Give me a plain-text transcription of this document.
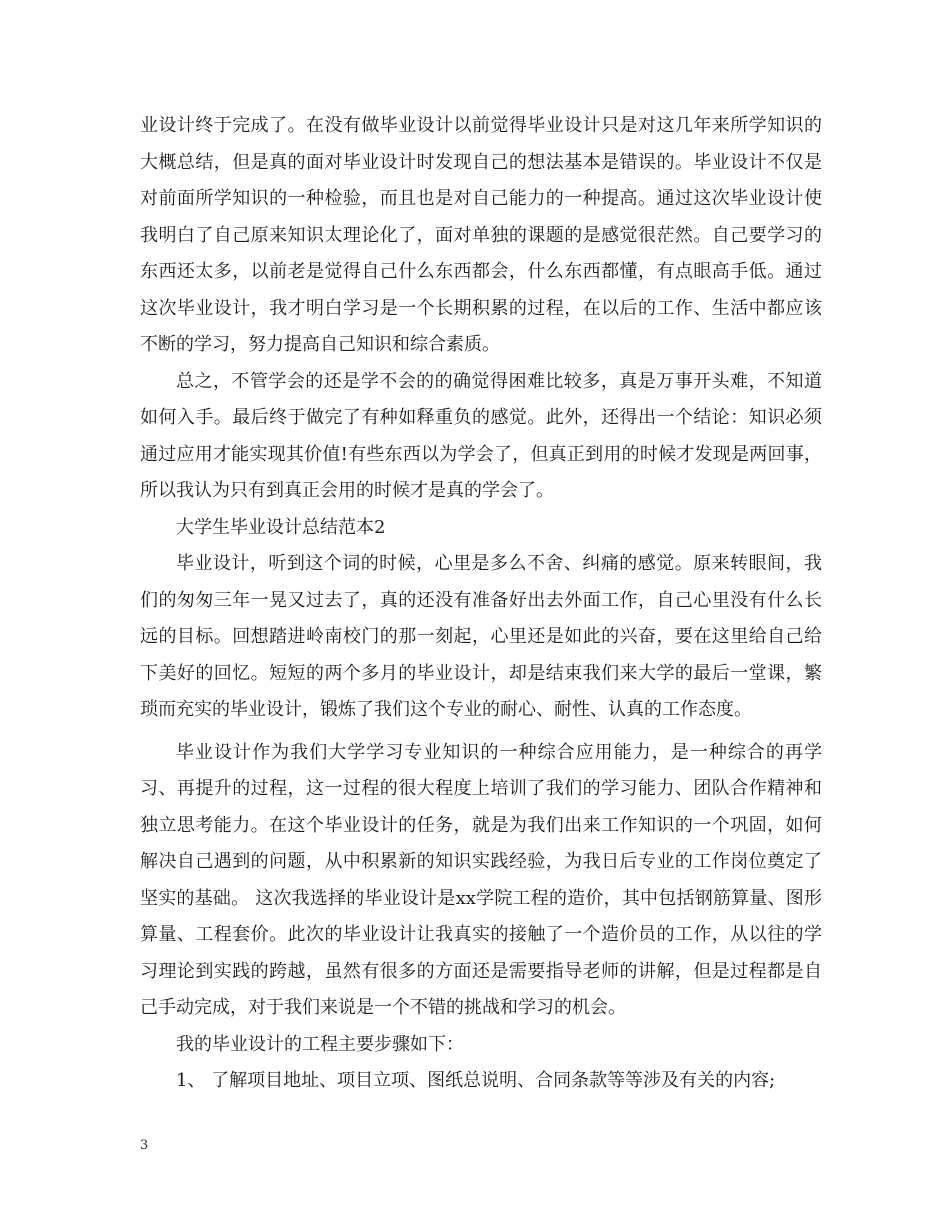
业设计终于完成了。在没有做毕业设计以前觉得毕业设计只是对这几年来所学知识的大概总结，但是真的面对毕业设计时发现自己的想法基本是错误的。毕业设计不仅是对前面所学知识的一种检验，而且也是对自己能力的一种提高。通过这次毕业设计使我明白了自己原来知识太理论化了，面对单独的课题的是感觉很茫然。自己要学习的东西还太多，以前老是觉得自己什么东西都会，什么东西都懂，有点眼高手低。通过这次毕业设计，我才明白学习是一个长期积累的过程，在以后的工作、生活中都应该不断的学习，努力提高自己知识和综合素质。

总之，不管学会的还是学不会的的确觉得困难比较多，真是万事开头难，不知道如何入手。最后终于做完了有种如释重负的感觉。此外，还得出一个结论：知识必须通过应用才能实现其价值!有些东西以为学会了，但真正到用的时候才发现是两回事，所以我认为只有到真正会用的时候才是真的学会了。

大学生毕业设计总结范本2

毕业设计，听到这个词的时候，心里是多么不舍、纠痛的感觉。原来转眼间，我们的匆匆三年一晃又过去了，真的还没有准备好出去外面工作，自己心里没有什么长远的目标。回想踏进岭南校门的那一刻起，心里还是如此的兴奋，要在这里给自己给下美好的回忆。短短的两个多月的毕业设计，却是结束我们来大学的最后一堂课，繁琐而充实的毕业设计，锻炼了我们这个专业的耐心、耐性、认真的工作态度。

毕业设计作为我们大学学习专业知识的一种综合应用能力，是一种综合的再学习、再提升的过程，这一过程的很大程度上培训了我们的学习能力、团队合作精神和独立思考能力。在这个毕业设计的任务，就是为我们出来工作知识的一个巩固，如何解决自己遇到的问题，从中积累新的知识实践经验，为我日后专业的工作岗位奠定了坚实的基础。 这次我选择的毕业设计是xx学院工程的造价，其中包括钢筋算量、图形算量、工程套价。此次的毕业设计让我真实的接触了一个造价员的工作，从以往的学习理论到实践的跨越，虽然有很多的方面还是需要指导老师的讲解，但是过程都是自己手动完成，对于我们来说是一个不错的挑战和学习的机会。

我的毕业设计的工程主要步骤如下：

1、 了解项目地址、项目立项、图纸总说明、合同条款等等涉及有关的内容;

3
